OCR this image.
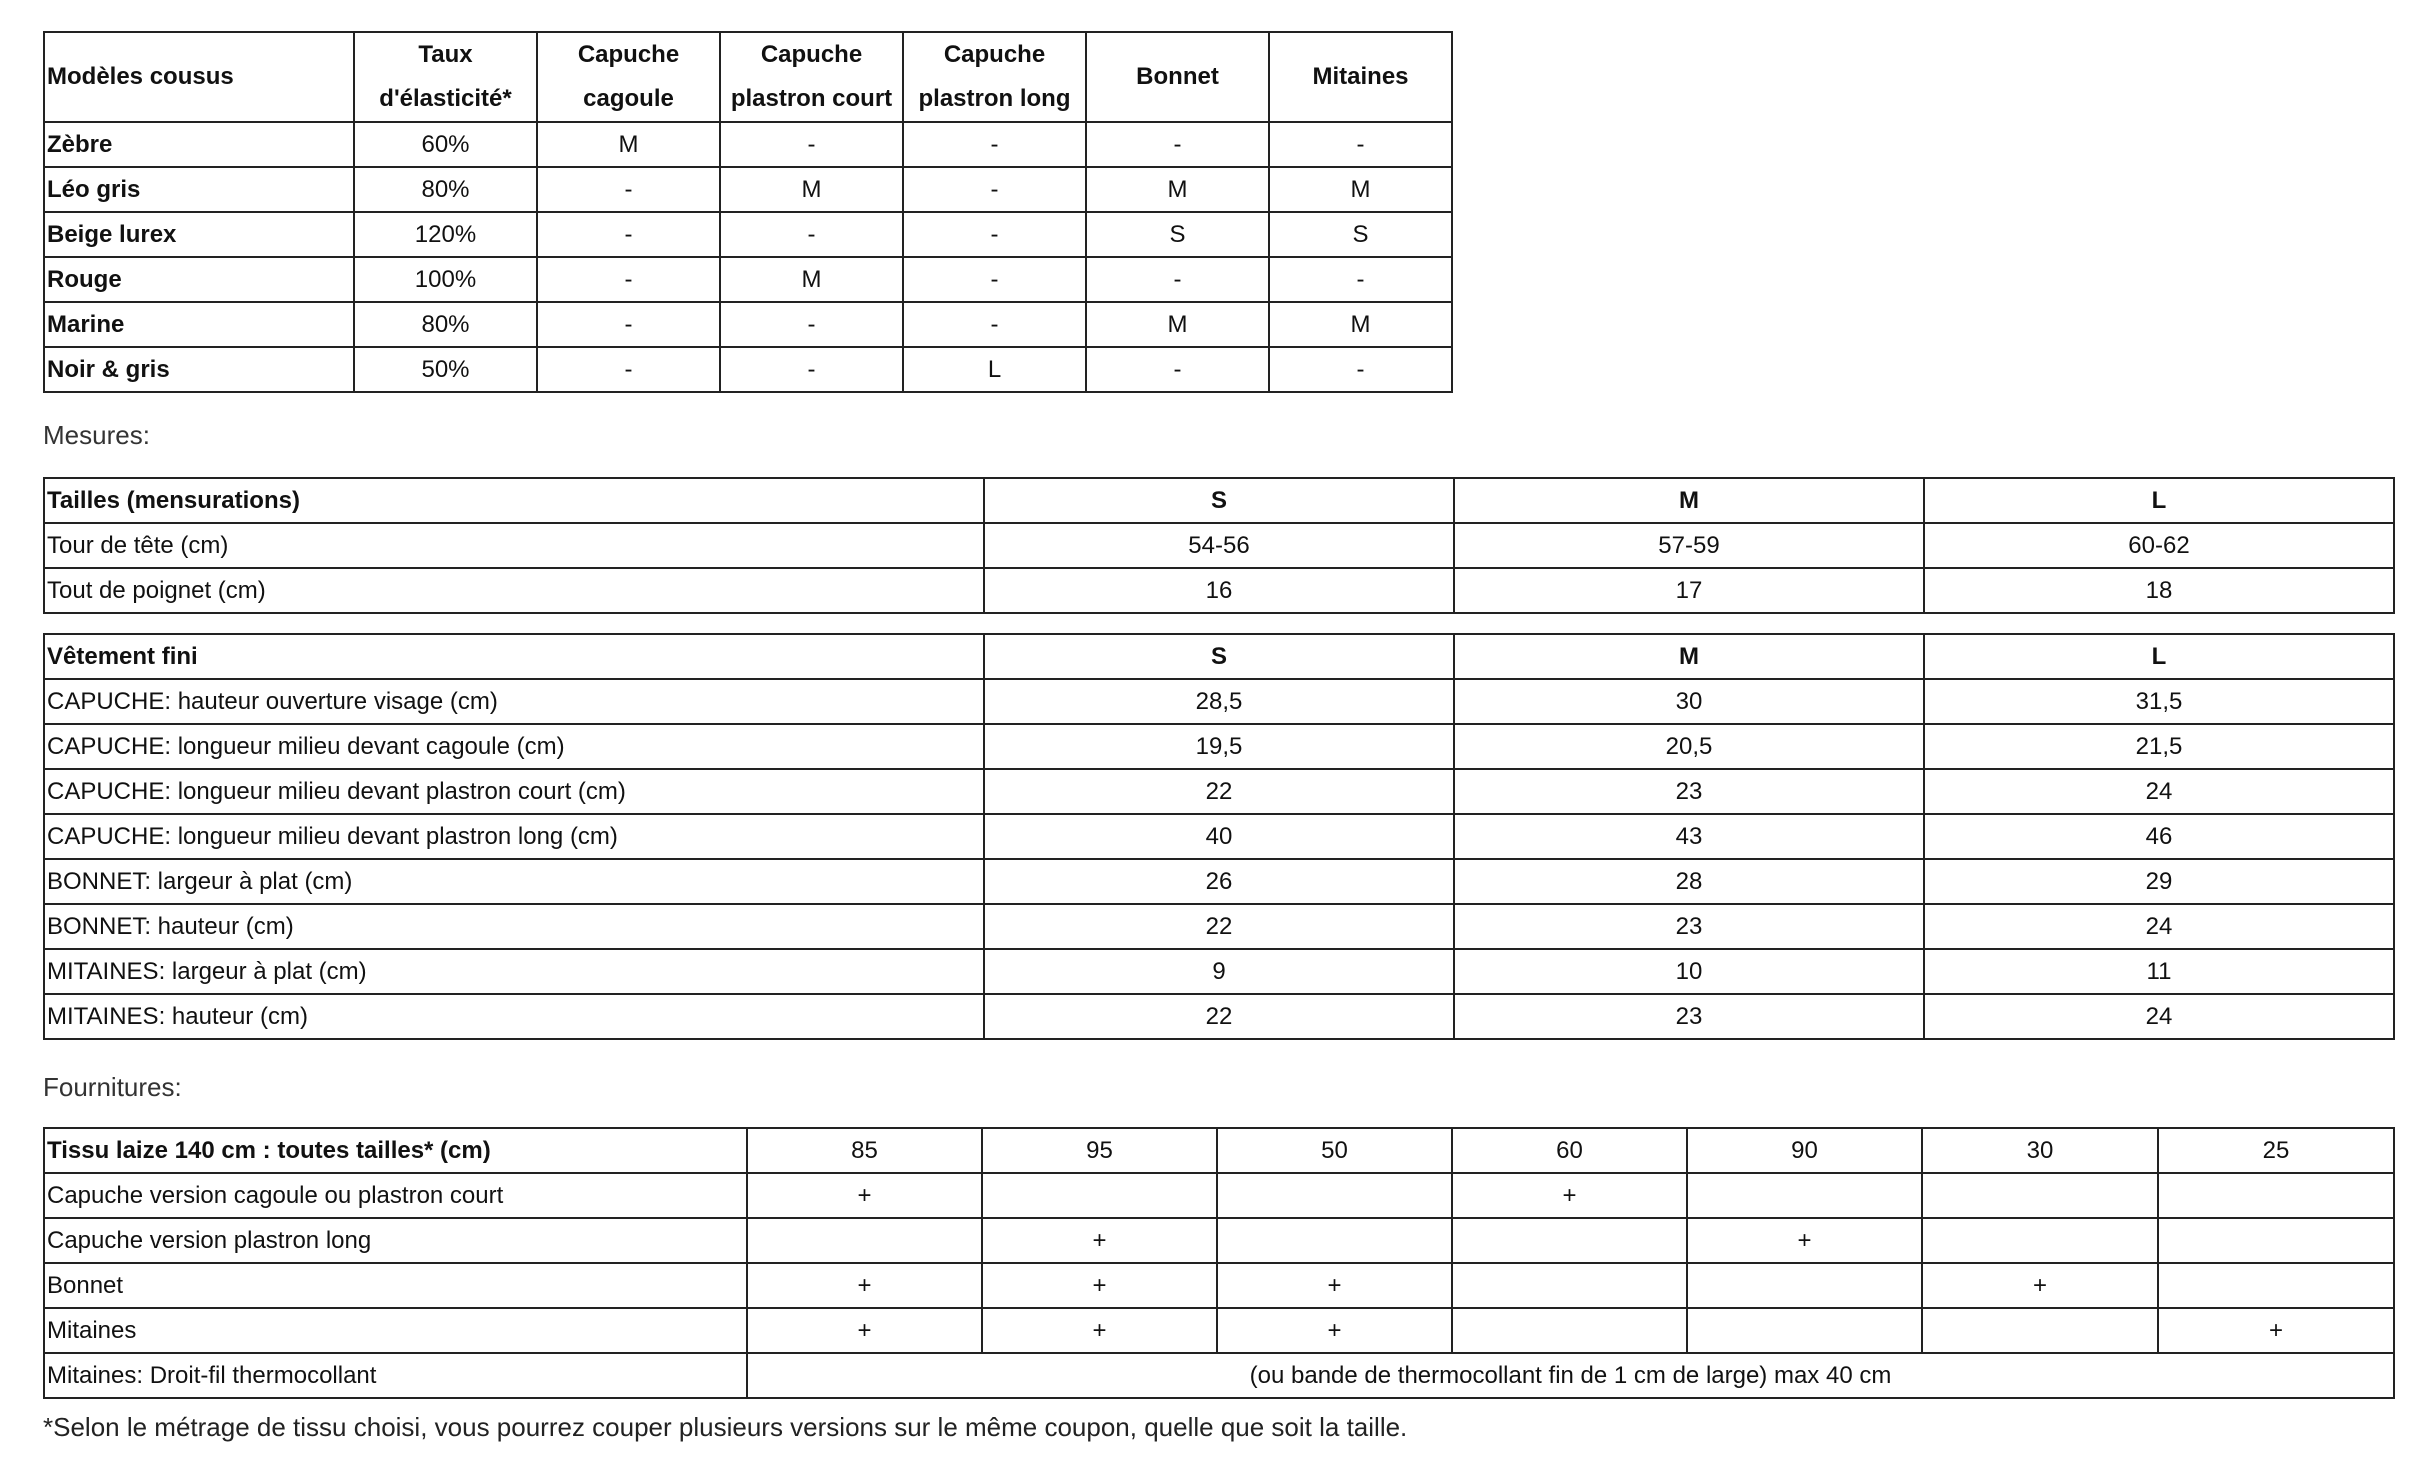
Modèles cousus	Taux d'élasticité*	Capuche cagoule	Capuche plastron court	Capuche plastron long	Bonnet	Mitaines
Zèbre	60%	M	-	-	-	-
Léo gris	80%	-	M	-	M	M
Beige lurex	120%	-	-	-	S	S
Rouge	100%	-	M	-	-	-
Marine	80%	-	-	-	M	M
Noir & gris	50%	-	-	L	-	-
Mesures:
Tailles (mensurations)	S	M	L
Tour de tête (cm)	54-56	57-59	60-62
Tout de poignet (cm)	16	17	18
Vêtement fini	S	M	L
CAPUCHE: hauteur ouverture visage (cm)	28,5	30	31,5
CAPUCHE: longueur milieu devant cagoule (cm)	19,5	20,5	21,5
CAPUCHE: longueur milieu devant plastron court (cm)	22	23	24
CAPUCHE: longueur milieu devant plastron long (cm)	40	43	46
BONNET: largeur à plat (cm)	26	28	29
BONNET: hauteur (cm)	22	23	24
MITAINES: largeur à plat (cm)	9	10	11
MITAINES: hauteur (cm)	22	23	24
Fournitures:
Tissu laize 140 cm : toutes tailles* (cm)	85	95	50	60	90	30	25
Capuche version cagoule ou plastron court	+			+			
Capuche version plastron long		+			+		
Bonnet	+	+	+			+	
Mitaines	+	+	+				+
Mitaines: Droit-fil thermocollant	(ou bande de thermocollant fin de 1 cm de large) max 40 cm						
*Selon le métrage de tissu choisi, vous pourrez couper plusieurs versions sur le même coupon, quelle que soit la taille.
